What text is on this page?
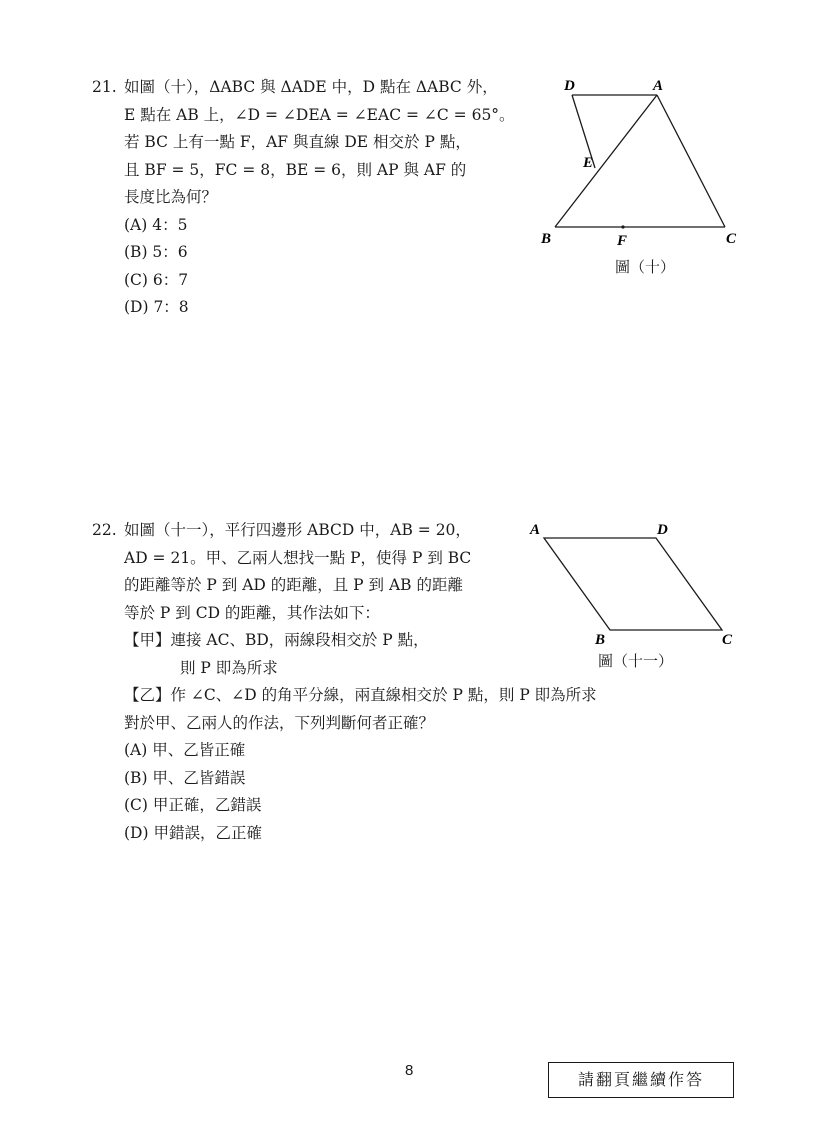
21. 如圖（十），ΔABC 與 ΔADE 中，D 點在 ΔABC 外，
E 點在 AB 上，∠D = ∠DEA = ∠EAC = ∠C = 65°。
若 BC 上有一點 F，AF 與直線 DE 相交於 P 點，
且 BF = 5，FC = 8，BE = 6，則 AP 與 AF 的
長度比為何？
(A) 4：5
(B) 5：6
(C) 6：7
(D) 7：8
D	A
E
B	F	C
圖（十）
22. 如圖（十一），平行四邊形 ABCD 中，AB = 20，
AD = 21。甲、乙兩人想找一點 P，使得 P 到 BC
的距離等於 P 到 AD 的距離，且 P 到 AB 的距離
等於 P 到 CD 的距離，其作法如下：
【甲】連接 AC、BD，兩線段相交於 P 點，
則 P 即為所求
【乙】作 ∠C、∠D 的角平分線，兩直線相交於 P 點，則 P 即為所求
對於甲、乙兩人的作法，下列判斷何者正確？
(A) 甲、乙皆正確
(B) 甲、乙皆錯誤
(C) 甲正確，乙錯誤
(D) 甲錯誤，乙正確
A	D
B	C
圖（十一）
8	請翻頁繼續作答
